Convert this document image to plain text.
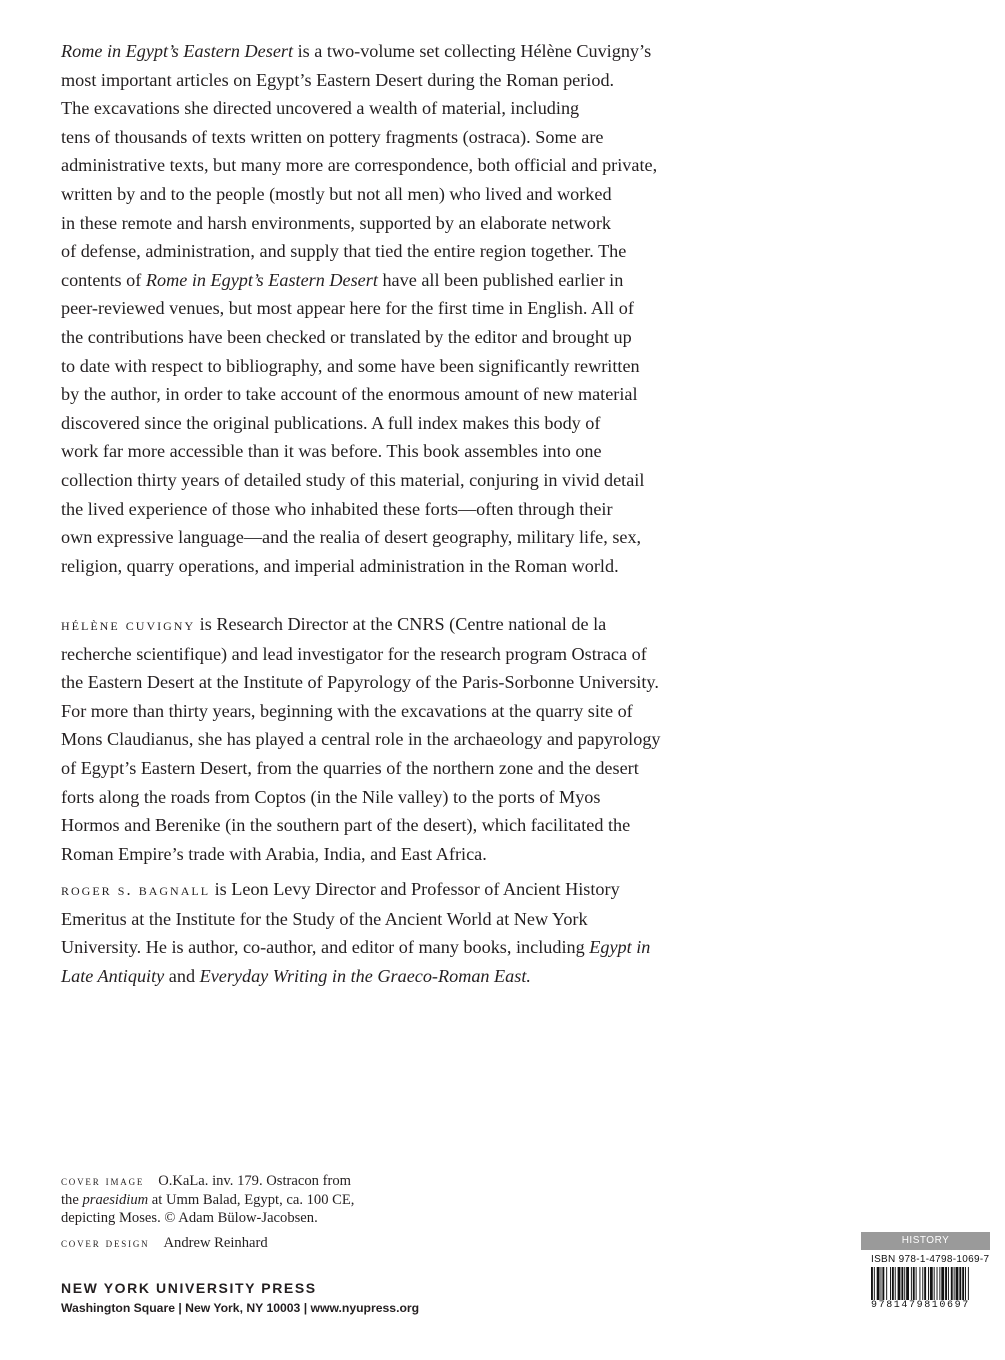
Rome in Egypt’s Eastern Desert is a two-volume set collecting Hélène Cuvigny’s
most important articles on Egypt’s Eastern Desert during the Roman period.
The excavations she directed uncovered a wealth of material, including
tens of thousands of texts written on pottery fragments (ostraca). Some are
administrative texts, but many more are correspondence, both official and private,
written by and to the people (mostly but not all men) who lived and worked
in these remote and harsh environments, supported by an elaborate network
of defense, administration, and supply that tied the entire region together. The
contents of Rome in Egypt’s Eastern Desert have all been published earlier in
peer-reviewed venues, but most appear here for the first time in English. All of
the contributions have been checked or translated by the editor and brought up
to date with respect to bibliography, and some have been significantly rewritten
by the author, in order to take account of the enormous amount of new material
discovered since the original publications. A full index makes this body of
work far more accessible than it was before. This book assembles into one
collection thirty years of detailed study of this material, conjuring in vivid detail
the lived experience of those who inhabited these forts—often through their
own expressive language—and the realia of desert geography, military life, sex,
religion, quarry operations, and imperial administration in the Roman world.
hélène cuvigny is Research Director at the CNRS (Centre national de la
recherche scientifique) and lead investigator for the research program Ostraca of
the Eastern Desert at the Institute of Papyrology of the Paris-Sorbonne University.
For more than thirty years, beginning with the excavations at the quarry site of
Mons Claudianus, she has played a central role in the archaeology and papyrology
of Egypt’s Eastern Desert, from the quarries of the northern zone and the desert
forts along the roads from Coptos (in the Nile valley) to the ports of Myos
Hormos and Berenike (in the southern part of the desert), which facilitated the
Roman Empire’s trade with Arabia, India, and East Africa.
roger s. bagnall is Leon Levy Director and Professor of Ancient History
Emeritus at the Institute for the Study of the Ancient World at New York
University. He is author, co-author, and editor of many books, including Egypt in
Late Antiquity and Everyday Writing in the Graeco-Roman East.
cover image O.KaLa. inv. 179. Ostracon from
the praesidium at Umm Balad, Egypt, ca. 100 CE,
depicting Moses. © Adam Bülow-Jacobsen.
cover design Andrew Reinhard
NEW YORK UNIVERSITY PRESS
Washington Square | New York, NY 10003 | www.nyupress.org
HISTORY
ISBN 978-1-4798-1069-7
9781479810697
